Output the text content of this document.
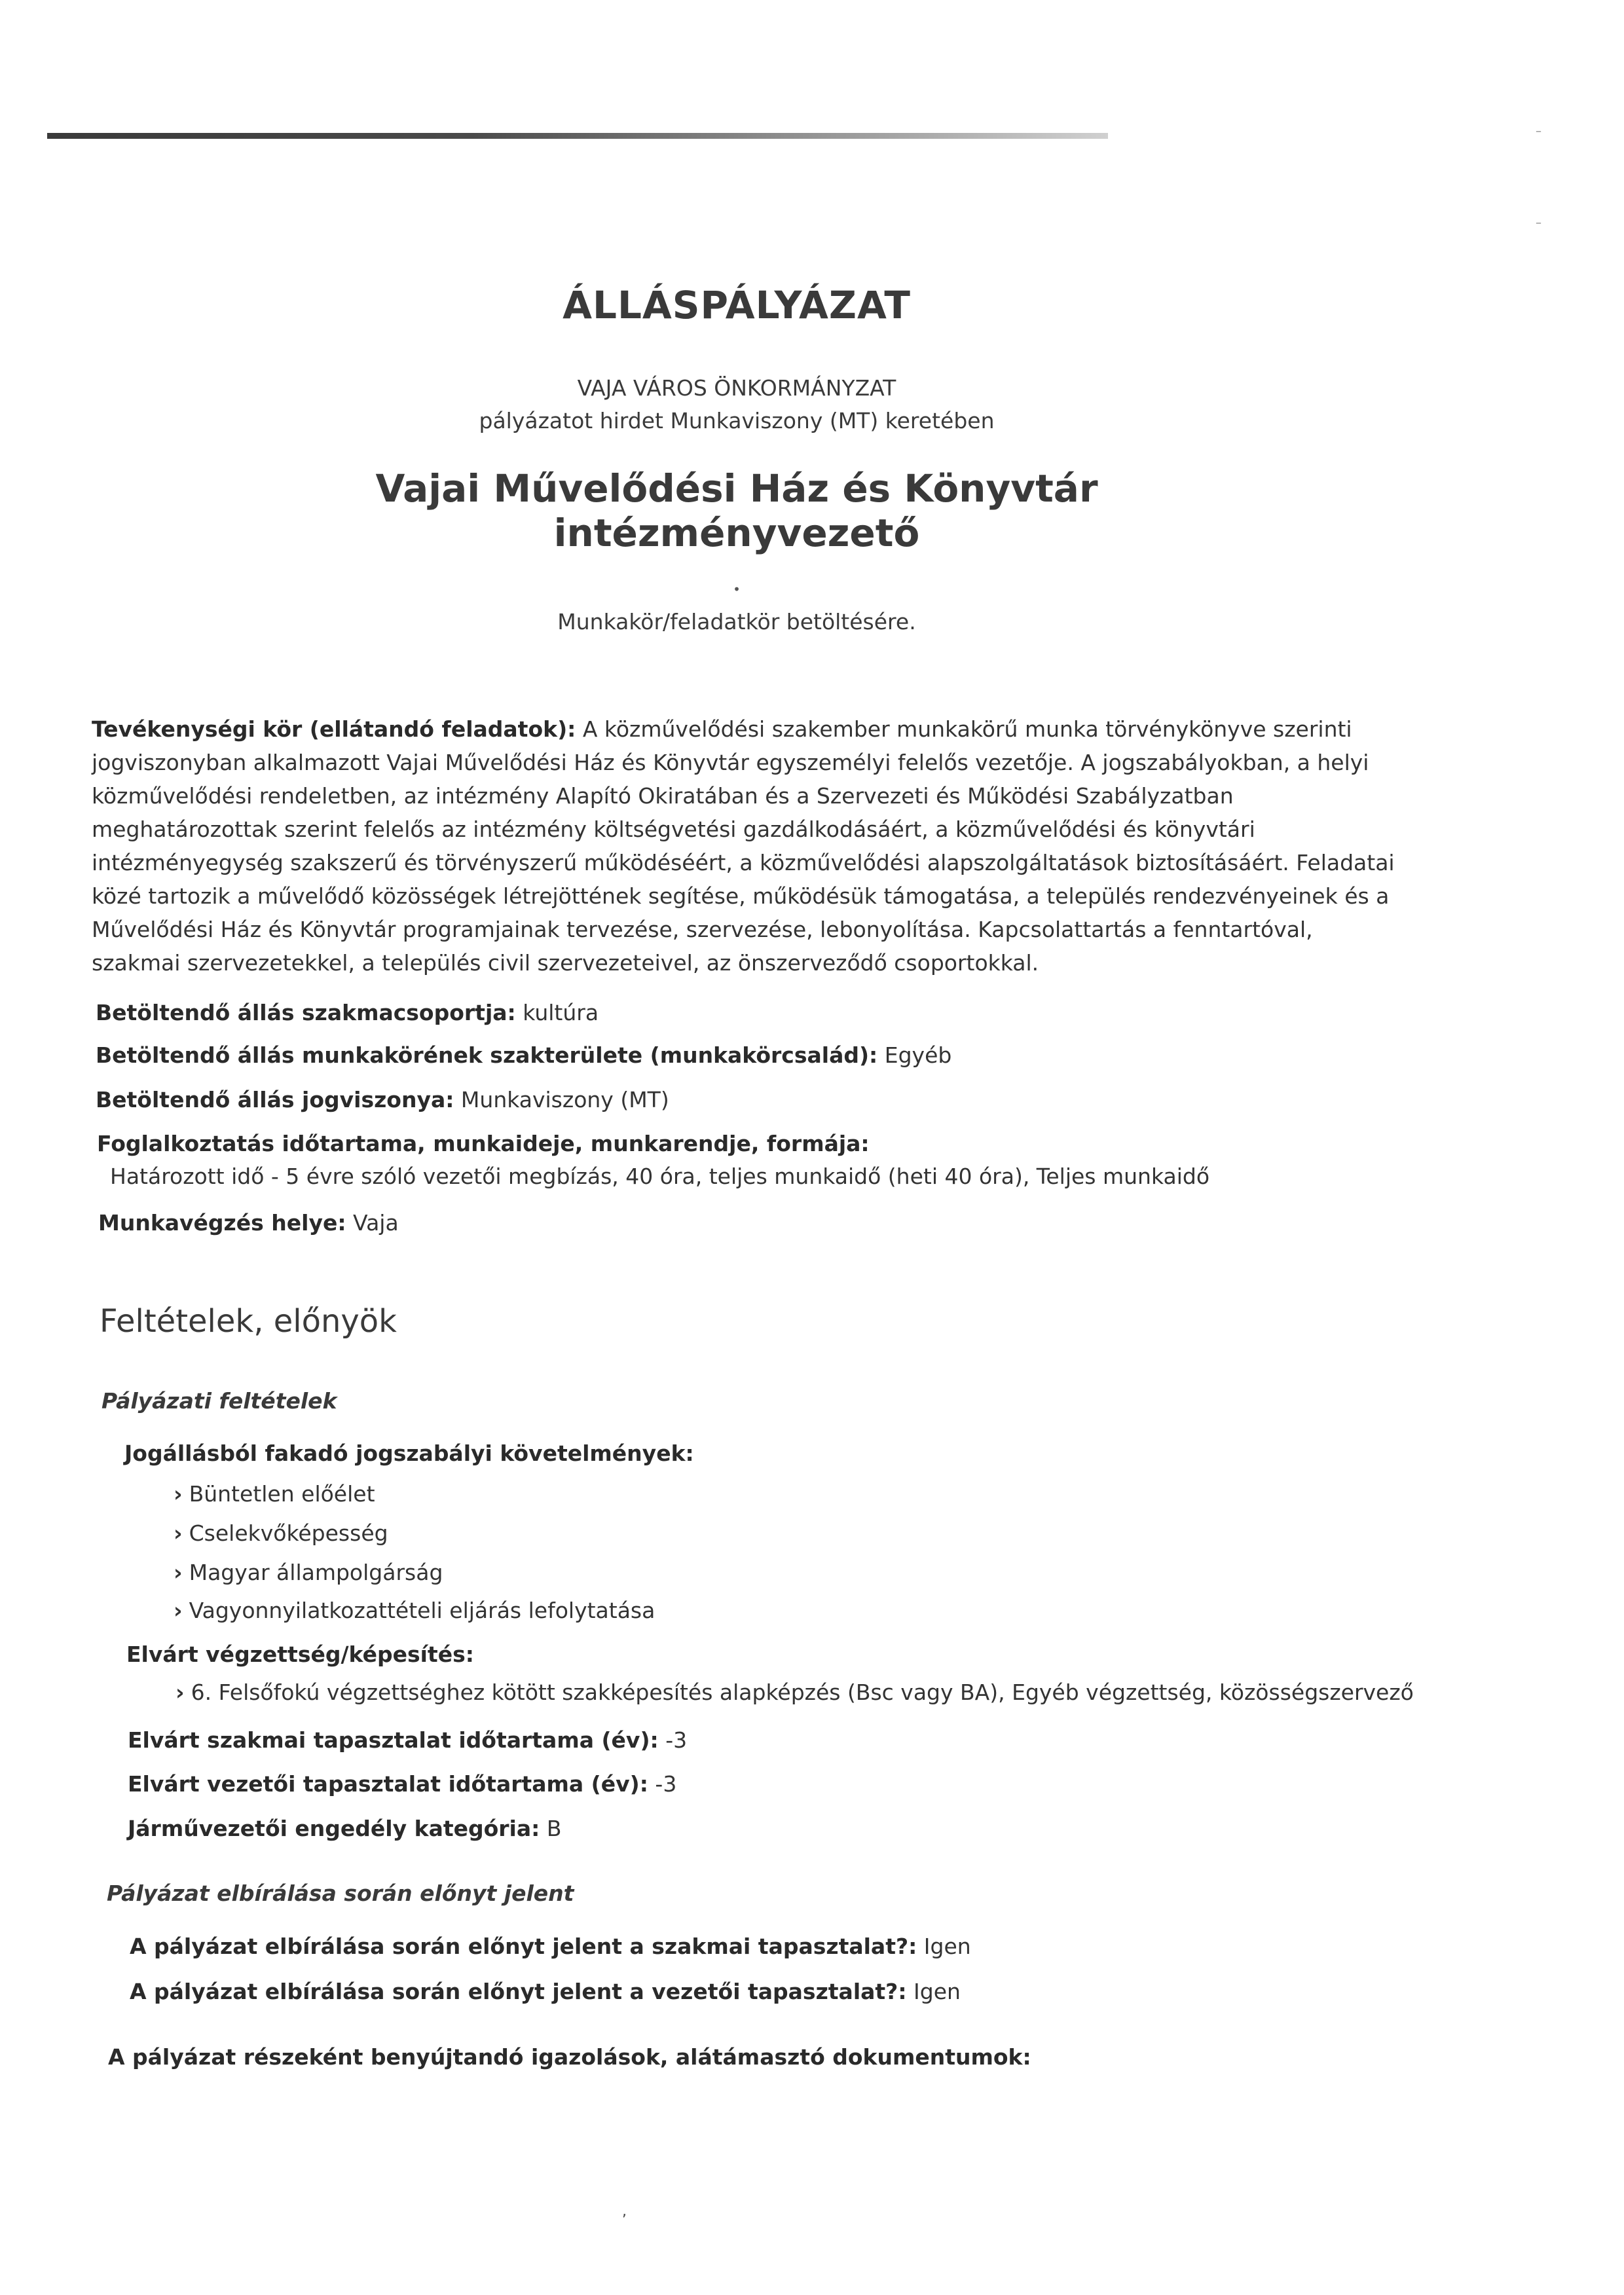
–
–
ÁLLÁSPÁLYÁZAT
VAJA VÁROS ÖNKORMÁNYZAT
pályázatot hirdet Munkaviszony (MT) keretében
Vajai Művelődési Ház és Könyvtár
intézményvezető
•
Munkakör/feladatkör betöltésére.
Tevékenységi kör (ellátandó feladatok): A közművelődési szakember munkakörű munka törvénykönyve szerinti jogviszonyban alkalmazott Vajai Művelődési Ház és Könyvtár egyszemélyi felelős vezetője. A jogszabályokban, a helyi közművelődési rendeletben, az intézmény Alapító Okiratában és a Szervezeti és Működési Szabályzatban meghatározottak szerint felelős az intézmény költségvetési gazdálkodásáért, a közművelődési és könyvtári intézményegység szakszerű és törvényszerű működéséért, a közművelődési alapszolgáltatások biztosításáért. Feladatai közé tartozik a művelődő közösségek létrejöttének segítése, működésük támogatása, a település rendezvényeinek és a Művelődési Ház és Könyvtár programjainak tervezése, szervezése, lebonyolítása. Kapcsolattartás a fenntartóval, szakmai szervezetekkel, a település civil szervezeteivel, az önszerveződő csoportokkal.
Betöltendő állás szakmacsoportja: kultúra
Betöltendő állás munkakörének szakterülete (munkakörcsalád): Egyéb
Betöltendő állás jogviszonya: Munkaviszony (MT)
Foglalkoztatás időtartama, munkaideje, munkarendje, formája:
Határozott idő - 5 évre szóló vezetői megbízás, 40 óra, teljes munkaidő (heti 40 óra), Teljes munkaidő
Munkavégzés helye: Vaja
Feltételek, előnyök
Pályázati feltételek
Jogállásból fakadó jogszabályi követelmények:
› Büntetlen előélet
› Cselekvőképesség
› Magyar állampolgárság
› Vagyonnyilatkozattételi eljárás lefolytatása
Elvárt végzettség/képesítés:
› 6. Felsőfokú végzettséghez kötött szakképesítés alapképzés (Bsc vagy BA), Egyéb végzettség, közösségszervező
Elvárt szakmai tapasztalat időtartama (év): -3
Elvárt vezetői tapasztalat időtartama (év): -3
Járművezetői engedély kategória: B
Pályázat elbírálása során előnyt jelent
A pályázat elbírálása során előnyt jelent a szakmai tapasztalat?: Igen
A pályázat elbírálása során előnyt jelent a vezetői tapasztalat?: Igen
A pályázat részeként benyújtandó igazolások, alátámasztó dokumentumok:
,
